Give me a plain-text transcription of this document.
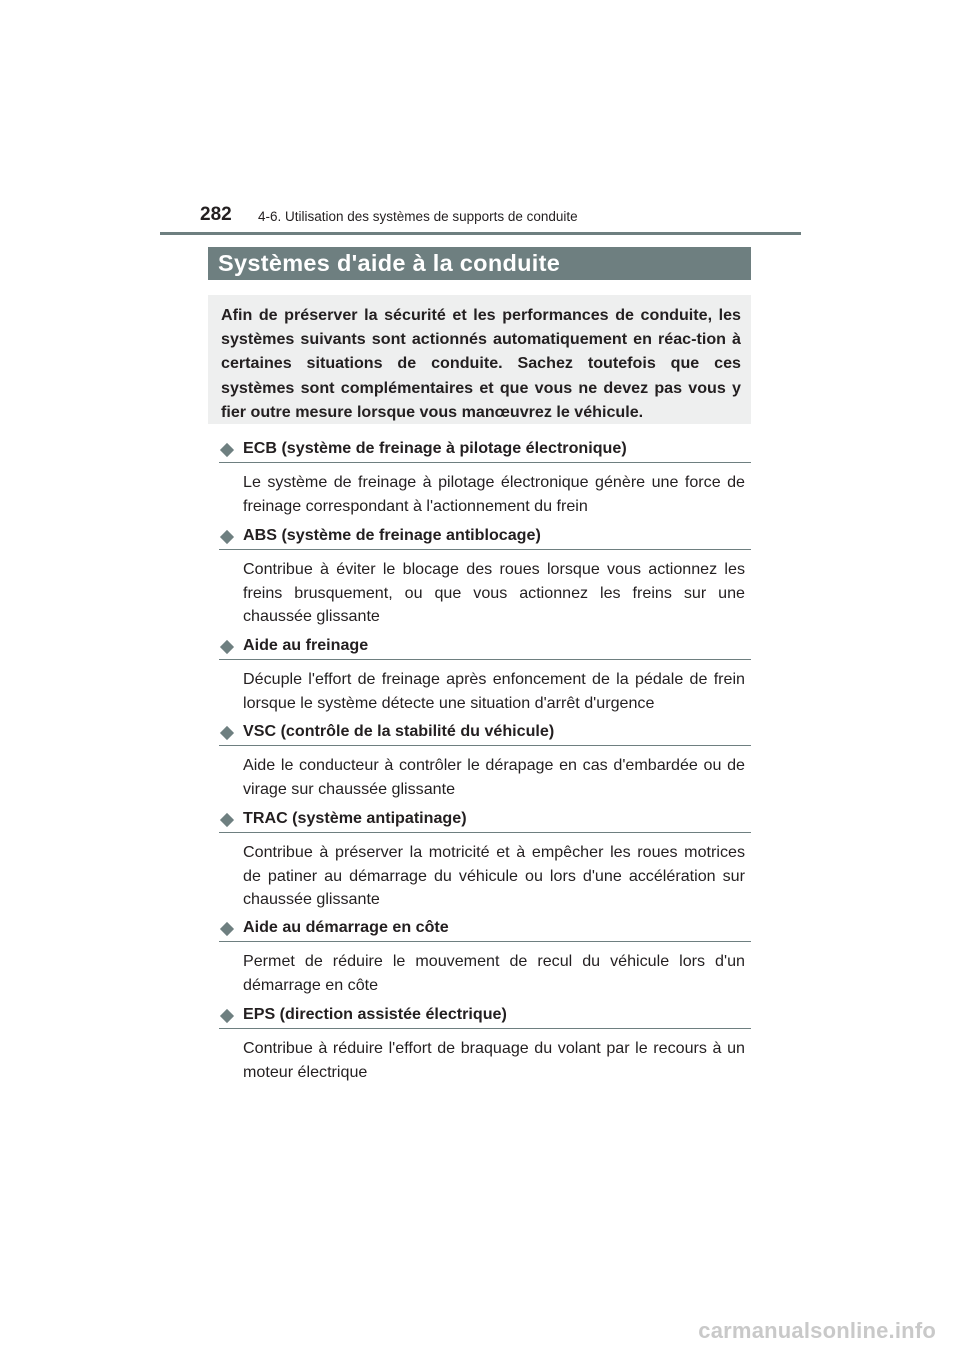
282 4-6. Utilisation des systèmes de supports de conduite
Systèmes d'aide à la conduite
Afin de préserver la sécurité et les performances de conduite, les systèmes suivants sont actionnés automatiquement en réac-tion à certaines situations de conduite. Sachez toutefois que ces systèmes sont complémentaires et que vous ne devez pas vous y fier outre mesure lorsque vous manœuvrez le véhicule.
ECB (système de freinage à pilotage électronique)
Le système de freinage à pilotage électronique génère une force de freinage correspondant à l'actionnement du frein
ABS (système de freinage antiblocage)
Contribue à éviter le blocage des roues lorsque vous actionnez les freins brusquement, ou que vous actionnez les freins sur une chaussée glissante
Aide au freinage
Décuple l'effort de freinage après enfoncement de la pédale de frein lorsque le système détecte une situation d'arrêt d'urgence
VSC (contrôle de la stabilité du véhicule)
Aide le conducteur à contrôler le dérapage en cas d'embardée ou de virage sur chaussée glissante
TRAC (système antipatinage)
Contribue à préserver la motricité et à empêcher les roues motrices de patiner au démarrage du véhicule ou lors d'une accélération sur chaussée glissante
Aide au démarrage en côte
Permet de réduire le mouvement de recul du véhicule lors d'un démarrage en côte
EPS (direction assistée électrique)
Contribue à réduire l'effort de braquage du volant par le recours à un moteur électrique
carmanualsonline.info
